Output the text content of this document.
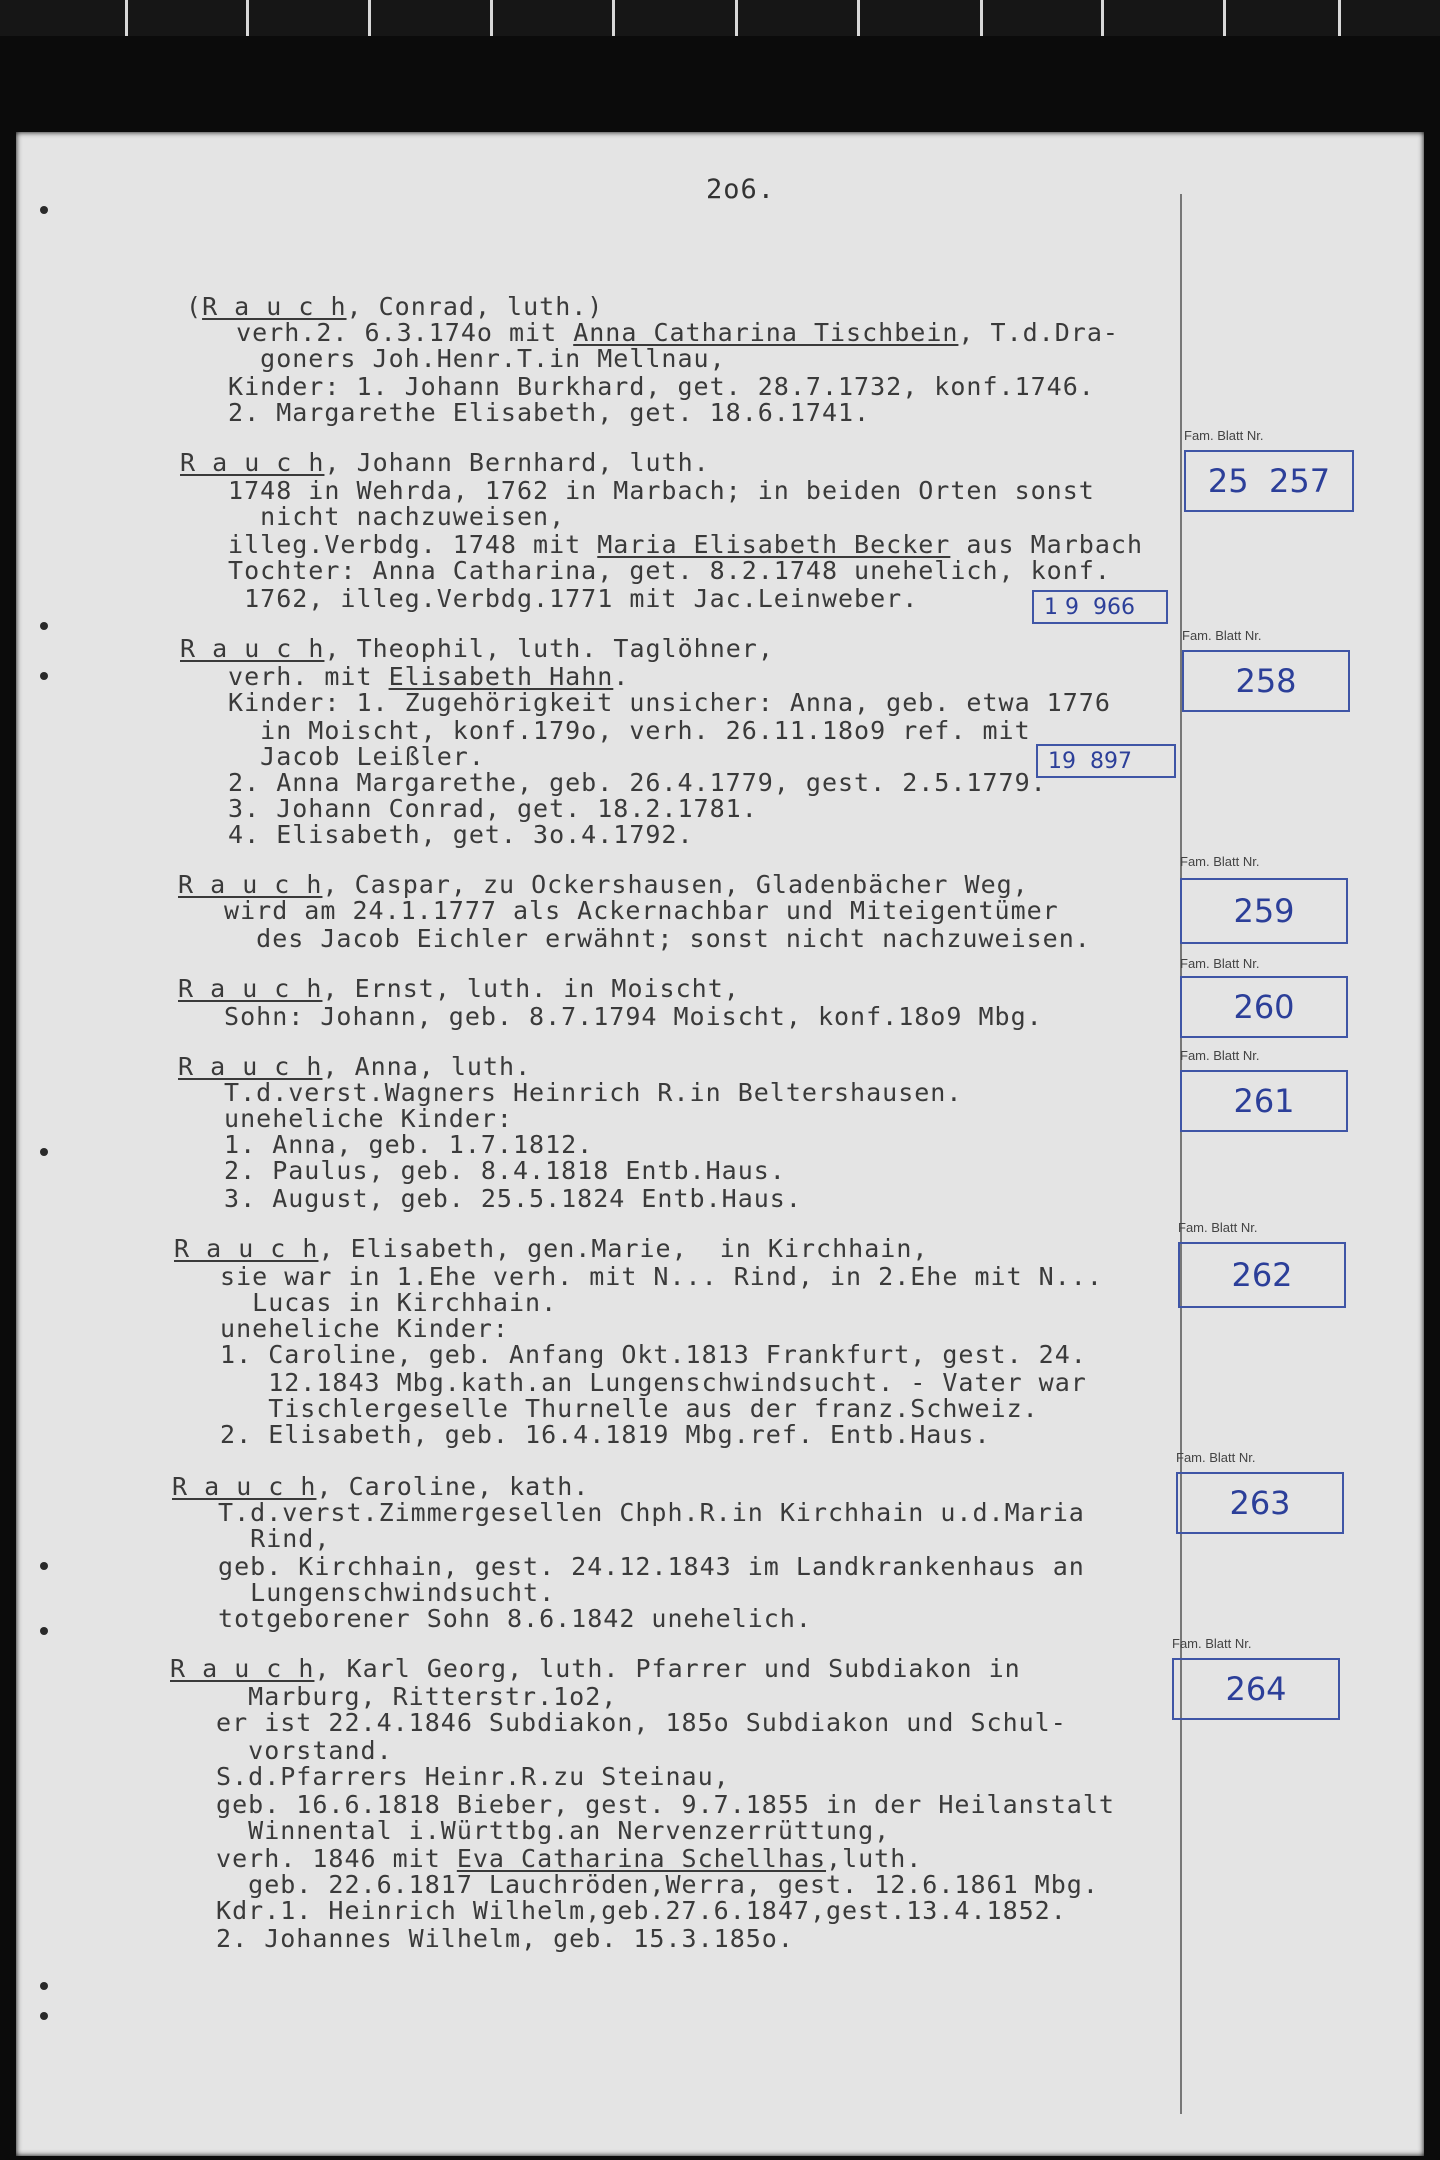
2o6.
(R a u c h, Conrad, luth.)
verh.2. 6.3.174o mit Anna Catharina Tischbein, T.d.Dra-
goners Joh.Henr.T.in Mellnau,
Kinder: 1. Johann Burkhard, get. 28.7.1732, konf.1746.
2. Margarethe Elisabeth, get. 18.6.1741.
R a u c h, Johann Bernhard, luth.
1748 in Wehrda, 1762 in Marbach; in beiden Orten sonst
nicht nachzuweisen,
illeg.Verbdg. 1748 mit Maria Elisabeth Becker aus Marbach
Tochter: Anna Catharina, get. 8.2.1748 unehelich, konf.
1762, illeg.Verbdg.1771 mit Jac.Leinweber.
R a u c h, Theophil, luth. Taglöhner,
verh. mit Elisabeth Hahn.
Kinder: 1. Zugehörigkeit unsicher: Anna, geb. etwa 1776
in Moischt, konf.179o, verh. 26.11.18o9 ref. mit
Jacob Leißler.
2. Anna Margarethe, geb. 26.4.1779, gest. 2.5.1779.
3. Johann Conrad, get. 18.2.1781.
4. Elisabeth, get. 3o.4.1792.
R a u c h, Caspar, zu Ockershausen, Gladenbächer Weg,
wird am 24.1.1777 als Ackernachbar und Miteigentümer
des Jacob Eichler erwähnt; sonst nicht nachzuweisen.
R a u c h, Ernst, luth. in Moischt,
Sohn: Johann, geb. 8.7.1794 Moischt, konf.18o9 Mbg.
R a u c h, Anna, luth.
T.d.verst.Wagners Heinrich R.in Beltershausen.
uneheliche Kinder:
1. Anna, geb. 1.7.1812.
2. Paulus, geb. 8.4.1818 Entb.Haus.
3. August, geb. 25.5.1824 Entb.Haus.
R a u c h, Elisabeth, gen.Marie,  in Kirchhain,
sie war in 1.Ehe verh. mit N... Rind, in 2.Ehe mit N...
Lucas in Kirchhain.
uneheliche Kinder:
1. Caroline, geb. Anfang Okt.1813 Frankfurt, gest. 24.
12.1843 Mbg.kath.an Lungenschwindsucht. - Vater war
Tischlergeselle Thurnelle aus der franz.Schweiz.
2. Elisabeth, geb. 16.4.1819 Mbg.ref. Entb.Haus.
R a u c h, Caroline, kath.
T.d.verst.Zimmergesellen Chph.R.in Kirchhain u.d.Maria
Rind,
geb. Kirchhain, gest. 24.12.1843 im Landkrankenhaus an
Lungenschwindsucht.
totgeborener Sohn 8.6.1842 unehelich.
R a u c h, Karl Georg, luth. Pfarrer und Subdiakon in
Marburg, Ritterstr.1o2,
er ist 22.4.1846 Subdiakon, 185o Subdiakon und Schul-
vorstand.
S.d.Pfarrers Heinr.R.zu Steinau,
geb. 16.6.1818 Bieber, gest. 9.7.1855 in der Heilanstalt
Winnental i.Württbg.an Nervenzerrüttung,
verh. 1846 mit Eva Catharina Schellhas,luth.
geb. 22.6.1817 Lauchröden,Werra, gest. 12.6.1861 Mbg.
Kdr.1. Heinrich Wilhelm,geb.27.6.1847,gest.13.4.1852.
2. Johannes Wilhelm, geb. 15.3.185o.
Fam. Blatt Nr.
25  257
Fam. Blatt Nr.
258
Fam. Blatt Nr.
259
Fam. Blatt Nr.
260
Fam. Blatt Nr.
261
Fam. Blatt Nr.
262
Fam. Blatt Nr.
263
Fam. Blatt Nr.
264
1 9  966
19  897
